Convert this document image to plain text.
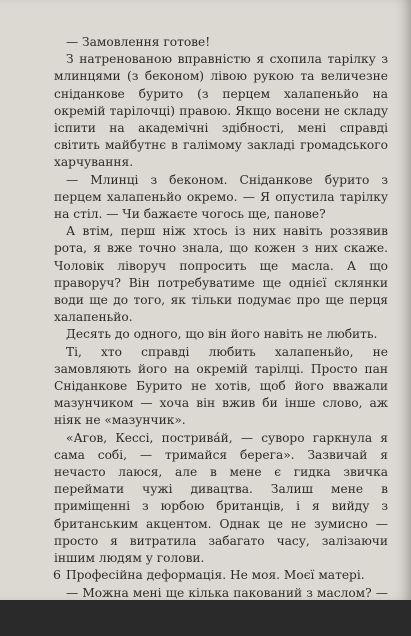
— Замовлення готове!

З натренованою вправністю я схопила тарілку з млинцями (з беконом) лівою рукою та величезне сніданкове бурито (з перцем халапеньйо на окремій тарілочці) правою. Якщо восени не складу іспити на академічні здібності, мені справді світить майбутнє в галімому закладі громадського харчування.

— Млинці з беконом. Сніданкове бурито з перцем халапеньйо окремо. — Я опустила тарілку на стіл. — Чи бажаєте чогось ще, панове?

А втім, перш ніж хтось із них навіть роззявив рота, я вже точно знала, що кожен з них скаже. Чоловік ліворуч попросить ще масла. А що праворуч? Він потребуватиме ще однієї склянки води ще до того, як тільки подумає про ще перця халапеньйо.

Десять до одного, що він його навіть не любить.

Ті, хто справді любить халапеньйо, не замовляють його на окремій тарілці. Просто пан Сніданкове Бурито не хотів, щоб його вважали мазунчиком — хоча він вжив би інше слово, аж ніяк не «мазунчик».

«Агов, Кессі, пострива́й, — суворо гаркнула я сама собі, — тримайся берега». Зазвичай я нечасто лаюся, але в мене є гидка звичка переймати чужі дивацтва. Залиш мене в приміщенні з юрбою британців, і я вийду з британським акцентом. Однак це не зумисно — просто я витратила забагато часу, залізаючи іншим людям у голови.

Професійна деформація. Не моя. Моєї матері.

— Можна мені ще кілька пакований з маслом? — запитав чоловік ліворуч.

Я кивнула головою і чекаю.

6
